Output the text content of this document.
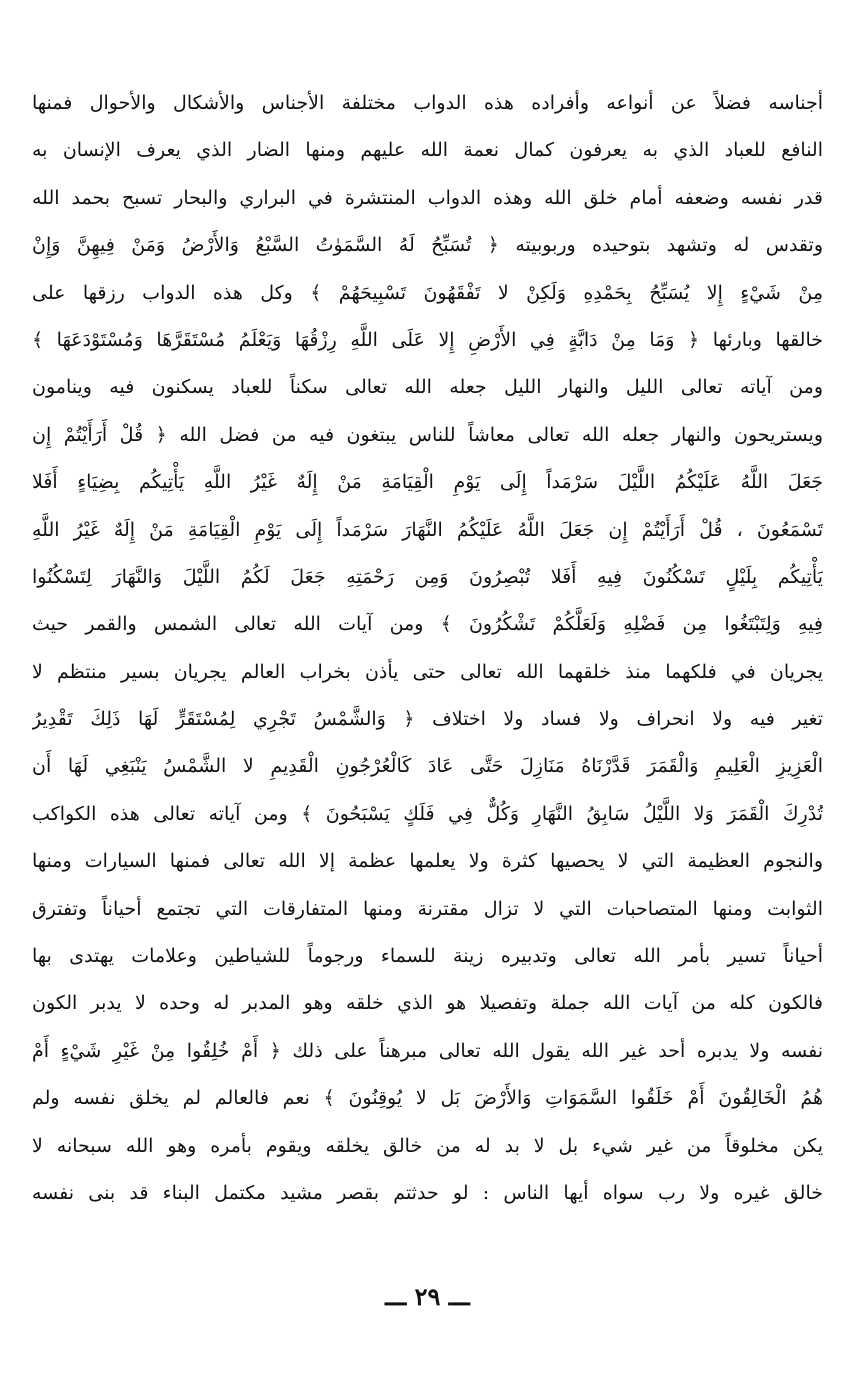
أجناسه فضلاً عن أنواعه وأفراده هذه الدواب مختلفة الأجناس والأشكال والأحوال فمنها
النافع للعباد الذي به يعرفون كمال نعمة الله عليهم ومنها الضار الذي يعرف الإنسان به
قدر نفسه وضعفه أمام خلق الله وهذه الدواب المنتشرة في البراري والبحار تسبح بحمد الله
وتقدس له وتشهد بتوحيده وربوبيته ﴿ تُسَبِّحُ لَهُ السَّمَوٰتُ السَّبْعُ وَالأَرْضُ وَمَنْ فِيهِنَّ وَإِنْ
مِنْ شَيْءٍ إِلا يُسَبِّحُ بِحَمْدِهِ وَلَكِنْ لا تَفْقَهُونَ تَسْبِيحَهُمْ ﴾ وكل هذه الدواب رزقها على
خالقها وبارئها ﴿ وَمَا مِنْ دَابَّةٍ فِي الأَرْضِ إِلا عَلَى اللَّهِ رِزْقُهَا وَيَعْلَمُ مُسْتَقَرَّهَا وَمُسْتَوْدَعَهَا ﴾
ومن آياته تعالى الليل والنهار الليل جعله الله تعالى سكناً للعباد يسكنون فيه وينامون
ويستريحون والنهار جعله الله تعالى معاشاً للناس يبتغون فيه من فضل الله ﴿ قُلْ أَرَأَيْتُمْ إِن
جَعَلَ اللَّهُ عَلَيْكُمُ اللَّيْلَ سَرْمَداً إِلَى يَوْمِ الْقِيَامَةِ مَنْ إِلَهٌ غَيْرُ اللَّهِ يَأْتِيكُم بِضِيَاءٍ أَفَلا
تَسْمَعُونَ ، قُلْ أَرَأَيْتُمْ إِن جَعَلَ اللَّهُ عَلَيْكُمُ النَّهَارَ سَرْمَداً إِلَى يَوْمِ الْقِيَامَةِ مَنْ إِلَهٌ غَيْرُ اللَّهِ
يَأْتِيكُم بِلَيْلٍ تَسْكُنُونَ فِيهِ أَفَلا تُبْصِرُونَ وَمِن رَحْمَتِهِ جَعَلَ لَكُمُ اللَّيْلَ وَالنَّهَارَ لِتَسْكُنُوا
فِيهِ وَلِتَبْتَغُوا مِن فَضْلِهِ وَلَعَلَّكُمْ تَشْكُرُونَ ﴾ ومن آيات الله تعالى الشمس والقمر حيث
يجريان في فلكهما منذ خلقهما الله تعالى حتى يأذن بخراب العالم يجريان بسير منتظم لا
تغير فيه ولا انحراف ولا فساد ولا اختلاف ﴿ وَالشَّمْسُ تَجْرِي لِمُسْتَقَرٍّ لَهَا ذَلِكَ تَقْدِيرُ
الْعَزِيزِ الْعَلِيمِ وَالْقَمَرَ قَدَّرْنَاهُ مَنَازِلَ حَتَّى عَادَ كَالْعُرْجُونِ الْقَدِيمِ لا الشَّمْسُ يَنْبَغِي لَهَا أَن
تُدْرِكَ الْقَمَرَ وَلا اللَّيْلُ سَابِقُ النَّهَارِ وَكُلٌّ فِي فَلَكٍ يَسْبَحُونَ ﴾ ومن آياته تعالى هذه الكواكب
والنجوم العظيمة التي لا يحصيها كثرة ولا يعلمها عظمة إلا الله تعالى فمنها السيارات ومنها
الثوابت ومنها المتصاحبات التي لا تزال مقترنة ومنها المتفارقات التي تجتمع أحياناً وتفترق
أحياناً تسير بأمر الله تعالى وتدبيره زينة للسماء ورجوماً للشياطين وعلامات يهتدى بها
فالكون كله من آيات الله جملة وتفصيلا هو الذي خلقه وهو المدبر له وحده لا يدبر الكون
نفسه ولا يدبره أحد غير الله يقول الله تعالى مبرهناً على ذلك ﴿ أَمْ خُلِقُوا مِنْ غَيْرِ شَيْءٍ أَمْ
هُمُ الْخَالِقُونَ أَمْ خَلَقُوا السَّمَوَاتِ وَالأَرْضَ بَل لا يُوقِنُونَ ﴾ نعم فالعالم لم يخلق نفسه ولم
يكن مخلوقاً من غير شيء بل لا بد له من خالق يخلقه ويقوم بأمره وهو الله سبحانه لا
خالق غيره ولا رب سواه أيها الناس : لو حدثتم بقصر مشيد مكتمل البناء قد بنى نفسه
ـــ ٢٩ ـــ
